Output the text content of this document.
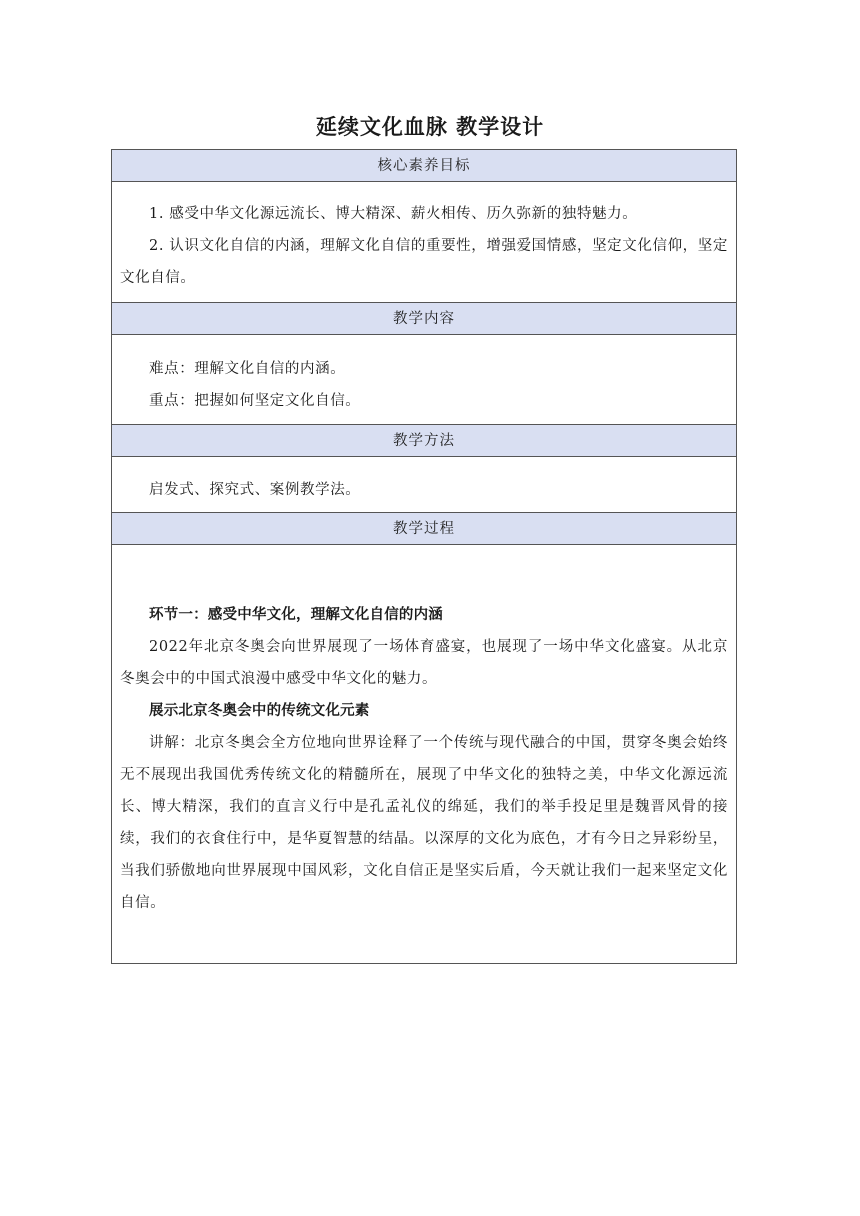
延续文化血脉 教学设计
核心素养目标

1. 感受中华文化源远流长、博大精深、薪火相传、历久弥新的独特魅力。

2. 认识文化自信的内涵，理解文化自信的重要性，增强爱国情感，坚定文化信仰，坚定文化自信。

教学内容

难点：理解文化自信的内涵。

重点：把握如何坚定文化自信。

教学方法

启发式、探究式、案例教学法。

教学过程

环节一：感受中华文化，理解文化自信的内涵

2022年北京冬奥会向世界展现了一场体育盛宴，也展现了一场中华文化盛宴。从北京冬奥会中的中国式浪漫中感受中华文化的魅力。

展示北京冬奥会中的传统文化元素

讲解：北京冬奥会全方位地向世界诠释了一个传统与现代融合的中国，贯穿冬奥会始终无不展现出我国优秀传统文化的精髓所在，展现了中华文化的独特之美，中华文化源远流长、博大精深，我们的直言义行中是孔孟礼仪的绵延，我们的举手投足里是魏晋风骨的接续，我们的衣食住行中，是华夏智慧的结晶。以深厚的文化为底色，才有今日之异彩纷呈，当我们骄傲地向世界展现中国风彩，文化自信正是坚实后盾，今天就让我们一起来坚定文化自信。
